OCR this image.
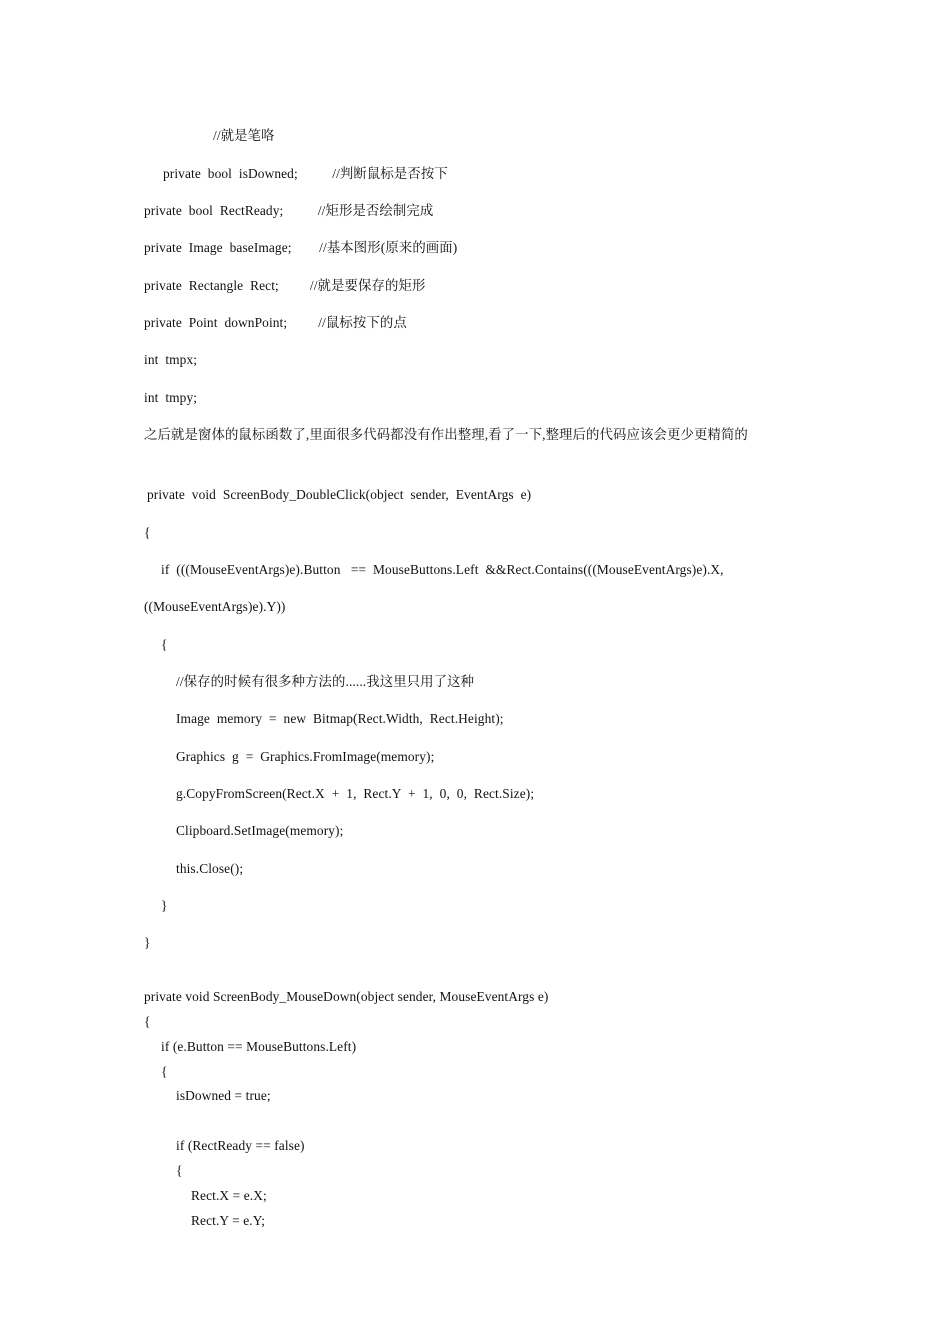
//就是笔咯
private  bool  isDowned;          //判断鼠标是否按下
private  bool  RectReady;          //矩形是否绘制完成
private  Image  baseImage;        //基本图形(原来的画面)
private  Rectangle  Rect;         //就是要保存的矩形
private  Point  downPoint;         //鼠标按下的点
int  tmpx;
int  tmpy;
之后就是窗体的鼠标函数了,里面很多代码都没有作出整理,看了一下,整理后的代码应该会更少更精简的
private  void  ScreenBody_DoubleClick(object  sender,  EventArgs  e)
{
if  (((MouseEventArgs)e).Button   ==  MouseButtons.Left  &&Rect.Contains(((MouseEventArgs)e).X,
((MouseEventArgs)e).Y))
{
//保存的时候有很多种方法的......我这里只用了这种
Image  memory  =  new  Bitmap(Rect.Width,  Rect.Height);
Graphics  g  =  Graphics.FromImage(memory);
g.CopyFromScreen(Rect.X  +  1,  Rect.Y  +  1,  0,  0,  Rect.Size);
Clipboard.SetImage(memory);
this.Close();
}
}
private void ScreenBody_MouseDown(object sender, MouseEventArgs e)
{
if (e.Button == MouseButtons.Left)
{
isDowned = true;
if (RectReady == false)
{
Rect.X = e.X;
Rect.Y = e.Y;
